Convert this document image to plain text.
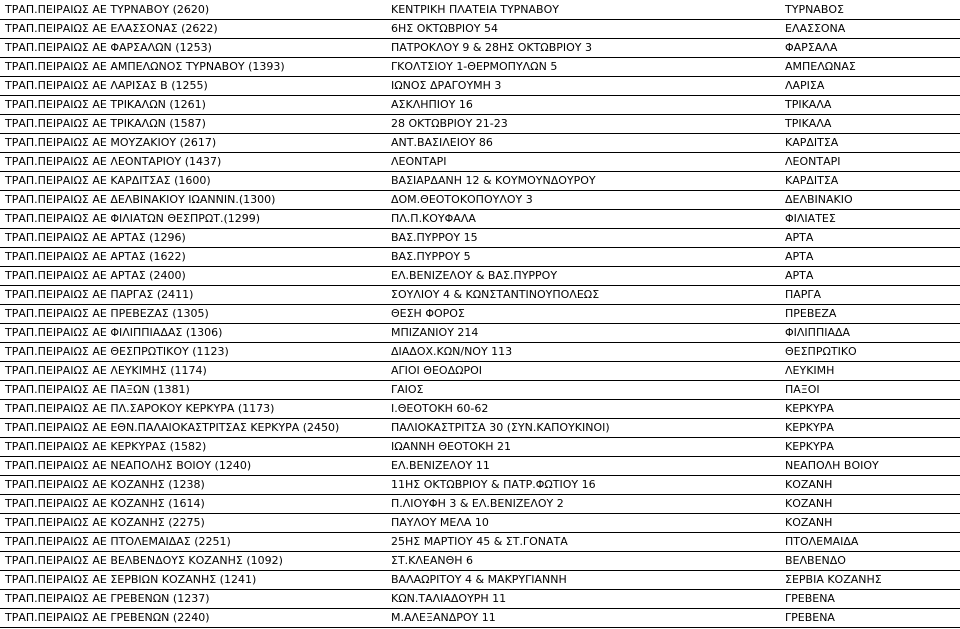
ΤΡΑΠ.ΠΕΙΡΑΙΩΣ ΑΕ ΤΥΡΝΑΒΟΥ (2620)	ΚΕΝΤΡΙΚΗ ΠΛΑΤΕΙΑ ΤΥΡΝΑΒΟΥ	ΤΥΡΝΑΒΟΣ
ΤΡΑΠ.ΠΕΙΡΑΙΩΣ ΑΕ ΕΛΑΣΣΟΝΑΣ (2622)	6ΗΣ ΟΚΤΩΒΡΙΟΥ 54	ΕΛΑΣΣΟΝΑ
ΤΡΑΠ.ΠΕΙΡΑΙΩΣ ΑΕ ΦΑΡΣΑΛΩΝ (1253)	ΠΑΤΡΟΚΛΟΥ 9 & 28ΗΣ ΟΚΤΩΒΡΙΟΥ 3	ΦΑΡΣΑΛΑ
ΤΡΑΠ.ΠΕΙΡΑΙΩΣ ΑΕ ΑΜΠΕΛΩΝΟΣ ΤΥΡΝΑΒΟΥ (1393)	ΓΚΟΛΤΣΙΟΥ 1-ΘΕΡΜΟΠΥΛΩΝ 5	ΑΜΠΕΛΩΝΑΣ
ΤΡΑΠ.ΠΕΙΡΑΙΩΣ ΑΕ ΛΑΡΙΣΑΣ Β (1255)	ΙΩΝΟΣ ΔΡΑΓΟΥΜΗ 3	ΛΑΡΙΣΑ
ΤΡΑΠ.ΠΕΙΡΑΙΩΣ ΑΕ ΤΡΙΚΑΛΩΝ (1261)	ΑΣΚΛΗΠΙΟΥ 16	ΤΡΙΚΑΛΑ
ΤΡΑΠ.ΠΕΙΡΑΙΩΣ ΑΕ ΤΡΙΚΑΛΩΝ (1587)	28 ΟΚΤΩΒΡΙΟΥ 21-23	ΤΡΙΚΑΛΑ
ΤΡΑΠ.ΠΕΙΡΑΙΩΣ ΑΕ ΜΟΥΖΑΚΙΟΥ (2617)	ΑΝΤ.ΒΑΣΙΛΕΙΟΥ 86	ΚΑΡΔΙΤΣΑ
ΤΡΑΠ.ΠΕΙΡΑΙΩΣ ΑΕ ΛΕΟΝΤΑΡΙΟΥ (1437)	ΛΕΟΝΤΑΡΙ	ΛΕΟΝΤΑΡΙ
ΤΡΑΠ.ΠΕΙΡΑΙΩΣ ΑΕ ΚΑΡΔΙΤΣΑΣ (1600)	ΒΑΣΙΑΡΔΑΝΗ 12 & ΚΟΥΜΟΥΝΔΟΥΡΟΥ	ΚΑΡΔΙΤΣΑ
ΤΡΑΠ.ΠΕΙΡΑΙΩΣ ΑΕ ΔΕΛΒΙΝΑΚΙΟΥ ΙΩΑΝΝΙΝ.(1300)	ΔΟΜ.ΘΕΟΤΟΚΟΠΟΥΛΟΥ 3	ΔΕΛΒΙΝΑΚΙΟ
ΤΡΑΠ.ΠΕΙΡΑΙΩΣ ΑΕ ΦΙΛΙΑΤΩΝ ΘΕΣΠΡΩΤ.(1299)	ΠΛ.Π.ΚΟΥΦΑΛΑ	ΦΙΛΙΑΤΕΣ
ΤΡΑΠ.ΠΕΙΡΑΙΩΣ ΑΕ ΑΡΤΑΣ (1296)	ΒΑΣ.ΠΥΡΡΟΥ 15	ΑΡΤΑ
ΤΡΑΠ.ΠΕΙΡΑΙΩΣ ΑΕ ΑΡΤΑΣ (1622)	ΒΑΣ.ΠΥΡΡΟΥ 5	ΑΡΤΑ
ΤΡΑΠ.ΠΕΙΡΑΙΩΣ ΑΕ ΑΡΤΑΣ (2400)	ΕΛ.ΒΕΝΙΖΕΛΟΥ & ΒΑΣ.ΠΥΡΡΟΥ	ΑΡΤΑ
ΤΡΑΠ.ΠΕΙΡΑΙΩΣ ΑΕ ΠΑΡΓΑΣ (2411)	ΣΟΥΛΙΟΥ 4 & ΚΩΝΣΤΑΝΤΙΝΟΥΠΟΛΕΩΣ	ΠΑΡΓΑ
ΤΡΑΠ.ΠΕΙΡΑΙΩΣ ΑΕ ΠΡΕΒΕΖΑΣ (1305)	ΘΕΣΗ ΦΟΡΟΣ	ΠΡΕΒΕΖΑ
ΤΡΑΠ.ΠΕΙΡΑΙΩΣ ΑΕ ΦΙΛΙΠΠΙΑΔΑΣ (1306)	ΜΠΙΖΑΝΙΟΥ 214	ΦΙΛΙΠΠΙΑΔΑ
ΤΡΑΠ.ΠΕΙΡΑΙΩΣ ΑΕ ΘΕΣΠΡΩΤΙΚΟΥ (1123)	ΔΙΑΔΟΧ.ΚΩΝ/ΝΟΥ 113	ΘΕΣΠΡΩΤΙΚΟ
ΤΡΑΠ.ΠΕΙΡΑΙΩΣ ΑΕ ΛΕΥΚΙΜΗΣ (1174)	ΑΓΙΟΙ ΘΕΟΔΩΡΟΙ	ΛΕΥΚΙΜΗ
ΤΡΑΠ.ΠΕΙΡΑΙΩΣ ΑΕ ΠΑΞΩΝ (1381)	ΓΑΙΟΣ	ΠΑΞΟΙ
ΤΡΑΠ.ΠΕΙΡΑΙΩΣ ΑΕ ΠΛ.ΣΑΡΟΚΟΥ ΚΕΡΚΥΡΑ (1173)	Ι.ΘΕΟΤΟΚΗ 60-62	ΚΕΡΚΥΡΑ
ΤΡΑΠ.ΠΕΙΡΑΙΩΣ ΑΕ ΕΘΝ.ΠΑΛΑΙΟΚΑΣΤΡΙΤΣΑΣ ΚΕΡΚΥΡΑ (2450)	ΠΑΛΙΟΚΑΣΤΡΙΤΣΑ 30 (ΣΥΝ.ΚΑΠΟΥΚΙΝΟΙ)	ΚΕΡΚΥΡΑ
ΤΡΑΠ.ΠΕΙΡΑΙΩΣ ΑΕ ΚΕΡΚΥΡΑΣ (1582)	ΙΩΑΝΝΗ ΘΕΟΤΟΚΗ 21	ΚΕΡΚΥΡΑ
ΤΡΑΠ.ΠΕΙΡΑΙΩΣ ΑΕ ΝΕΑΠΟΛΗΣ ΒΟΙΟΥ (1240)	ΕΛ.ΒΕΝΙΖΕΛΟΥ 11	ΝΕΑΠΟΛΗ ΒΟΙΟΥ
ΤΡΑΠ.ΠΕΙΡΑΙΩΣ ΑΕ ΚΟΖΑΝΗΣ (1238)	11ΗΣ ΟΚΤΩΒΡΙΟΥ & ΠΑΤΡ.ΦΩΤΙΟΥ 16	ΚΟΖΑΝΗ
ΤΡΑΠ.ΠΕΙΡΑΙΩΣ ΑΕ ΚΟΖΑΝΗΣ (1614)	Π.ΛΙΟΥΦΗ 3 & ΕΛ.ΒΕΝΙΖΕΛΟΥ 2	ΚΟΖΑΝΗ
ΤΡΑΠ.ΠΕΙΡΑΙΩΣ ΑΕ ΚΟΖΑΝΗΣ (2275)	ΠΑΥΛΟΥ ΜΕΛΑ 10	ΚΟΖΑΝΗ
ΤΡΑΠ.ΠΕΙΡΑΙΩΣ ΑΕ ΠΤΟΛΕΜΑΙΔΑΣ (2251)	25ΗΣ ΜΑΡΤΙΟΥ 45 & ΣΤ.ΓΟΝΑΤΑ	ΠΤΟΛΕΜΑΙΔΑ
ΤΡΑΠ.ΠΕΙΡΑΙΩΣ ΑΕ ΒΕΛΒΕΝΔΟΥΣ ΚΟΖΑΝΗΣ (1092)	ΣΤ.ΚΛΕΑΝΘΗ 6	ΒΕΛΒΕΝΔΟ
ΤΡΑΠ.ΠΕΙΡΑΙΩΣ ΑΕ ΣΕΡΒΙΩΝ ΚΟΖΑΝΗΣ (1241)	ΒΑΛΑΩΡΙΤΟΥ 4 & ΜΑΚΡΥΓΙΑΝΝΗ	ΣΕΡΒΙΑ ΚΟΖΑΝΗΣ
ΤΡΑΠ.ΠΕΙΡΑΙΩΣ ΑΕ ΓΡΕΒΕΝΩΝ (1237)	ΚΩΝ.ΤΑΛΙΑΔΟΥΡΗ 11	ΓΡΕΒΕΝΑ
ΤΡΑΠ.ΠΕΙΡΑΙΩΣ ΑΕ ΓΡΕΒΕΝΩΝ (2240)	Μ.ΑΛΕΞΑΝΔΡΟΥ 11	ΓΡΕΒΕΝΑ
